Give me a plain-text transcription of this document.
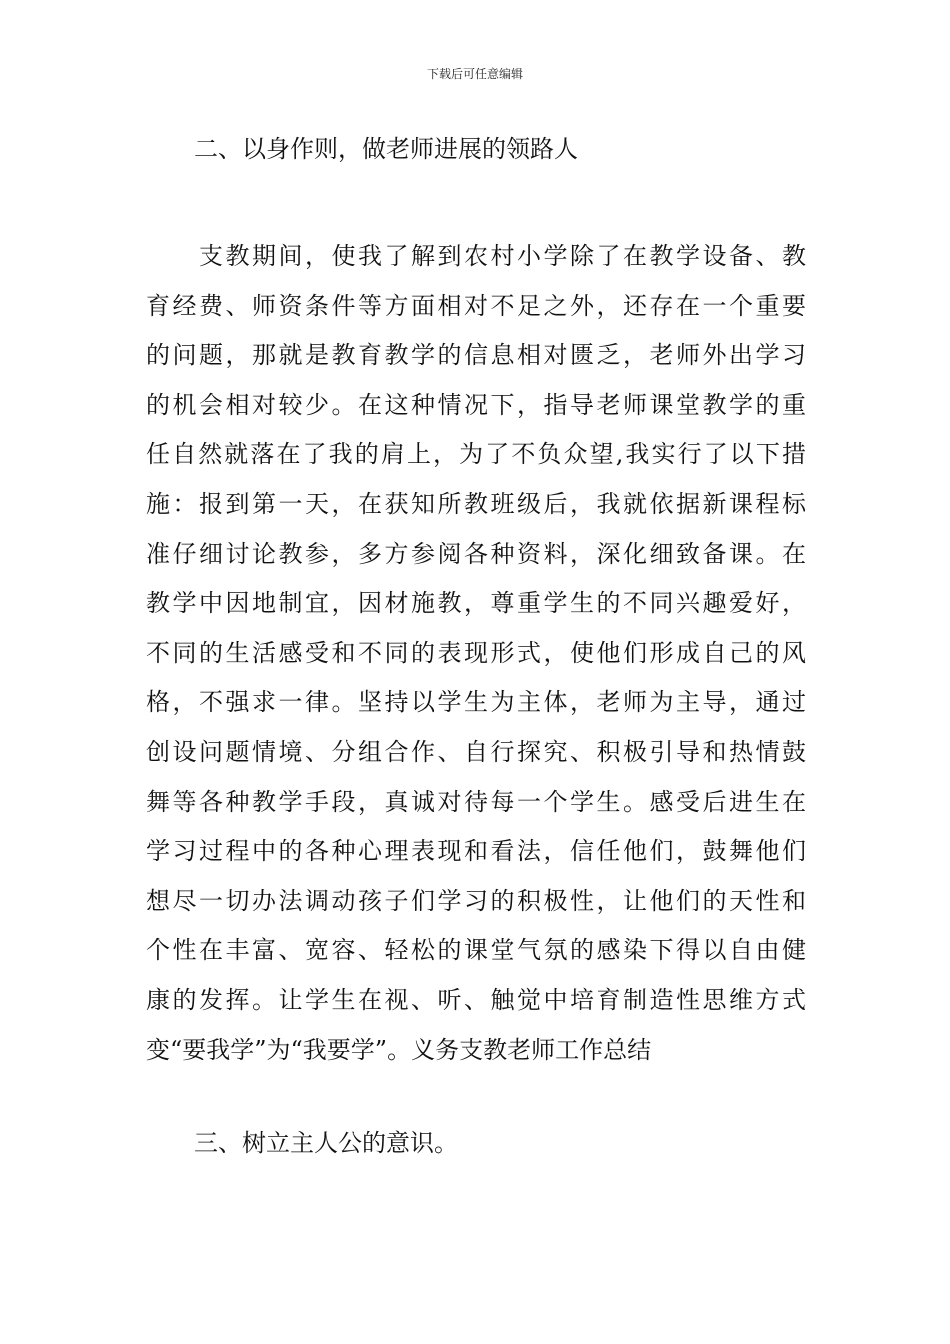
下载后可任意编辑

　　二、以身作则，做老师进展的领路人

　　支教期间，使我了解到农村小学除了在教学设备、教
育经费、师资条件等方面相对不足之外，还存在一个重要
的问题，那就是教育教学的信息相对匮乏，老师外出学习
的机会相对较少。在这种情况下，指导老师课堂教学的重
任自然就落在了我的肩上，为了不负众望,我实行了以下措
施：报到第一天，在获知所教班级后，我就依据新课程标
准仔细讨论教参，多方参阅各种资料，深化细致备课。在
教学中因地制宜，因材施教，尊重学生的不同兴趣爱好，
不同的生活感受和不同的表现形式，使他们形成自己的风
格，不强求一律。坚持以学生为主体，老师为主导，通过
创设问题情境、分组合作、自行探究、积极引导和热情鼓
舞等各种教学手段，真诚对待每一个学生。感受后进生在
学习过程中的各种心理表现和看法，信任他们，鼓舞他们
想尽一切办法调动孩子们学习的积极性，让他们的天性和
个性在丰富、宽容、轻松的课堂气氛的感染下得以自由健
康的发挥。让学生在视、听、触觉中培育制造性思维方式
变“要我学”为“我要学”。义务支教老师工作总结

　　三、树立主人公的意识。
